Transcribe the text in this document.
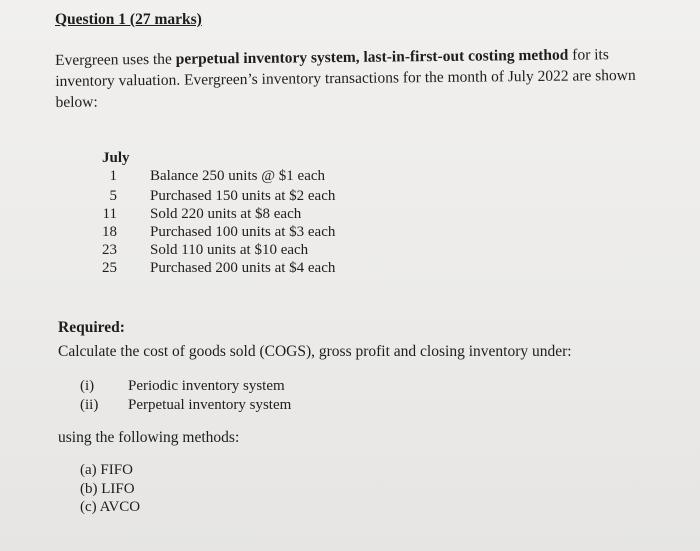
Question 1 (27 marks)
Evergreen uses the perpetual inventory system, last-in-first-out costing method for its inventory valuation. Evergreen’s inventory transactions for the month of July 2022 are shown below:
July
1 Balance 250 units @ $1 each
5 Purchased 150 units at $2 each
11 Sold 220 units at $8 each
18 Purchased 100 units at $3 each
23 Sold 110 units at $10 each
25 Purchased 200 units at $4 each
Required:
Calculate the cost of goods sold (COGS), gross profit and closing inventory under:
(i) Periodic inventory system
(ii) Perpetual inventory system
using the following methods:
(a) FIFO
(b) LIFO
(c) AVCO
